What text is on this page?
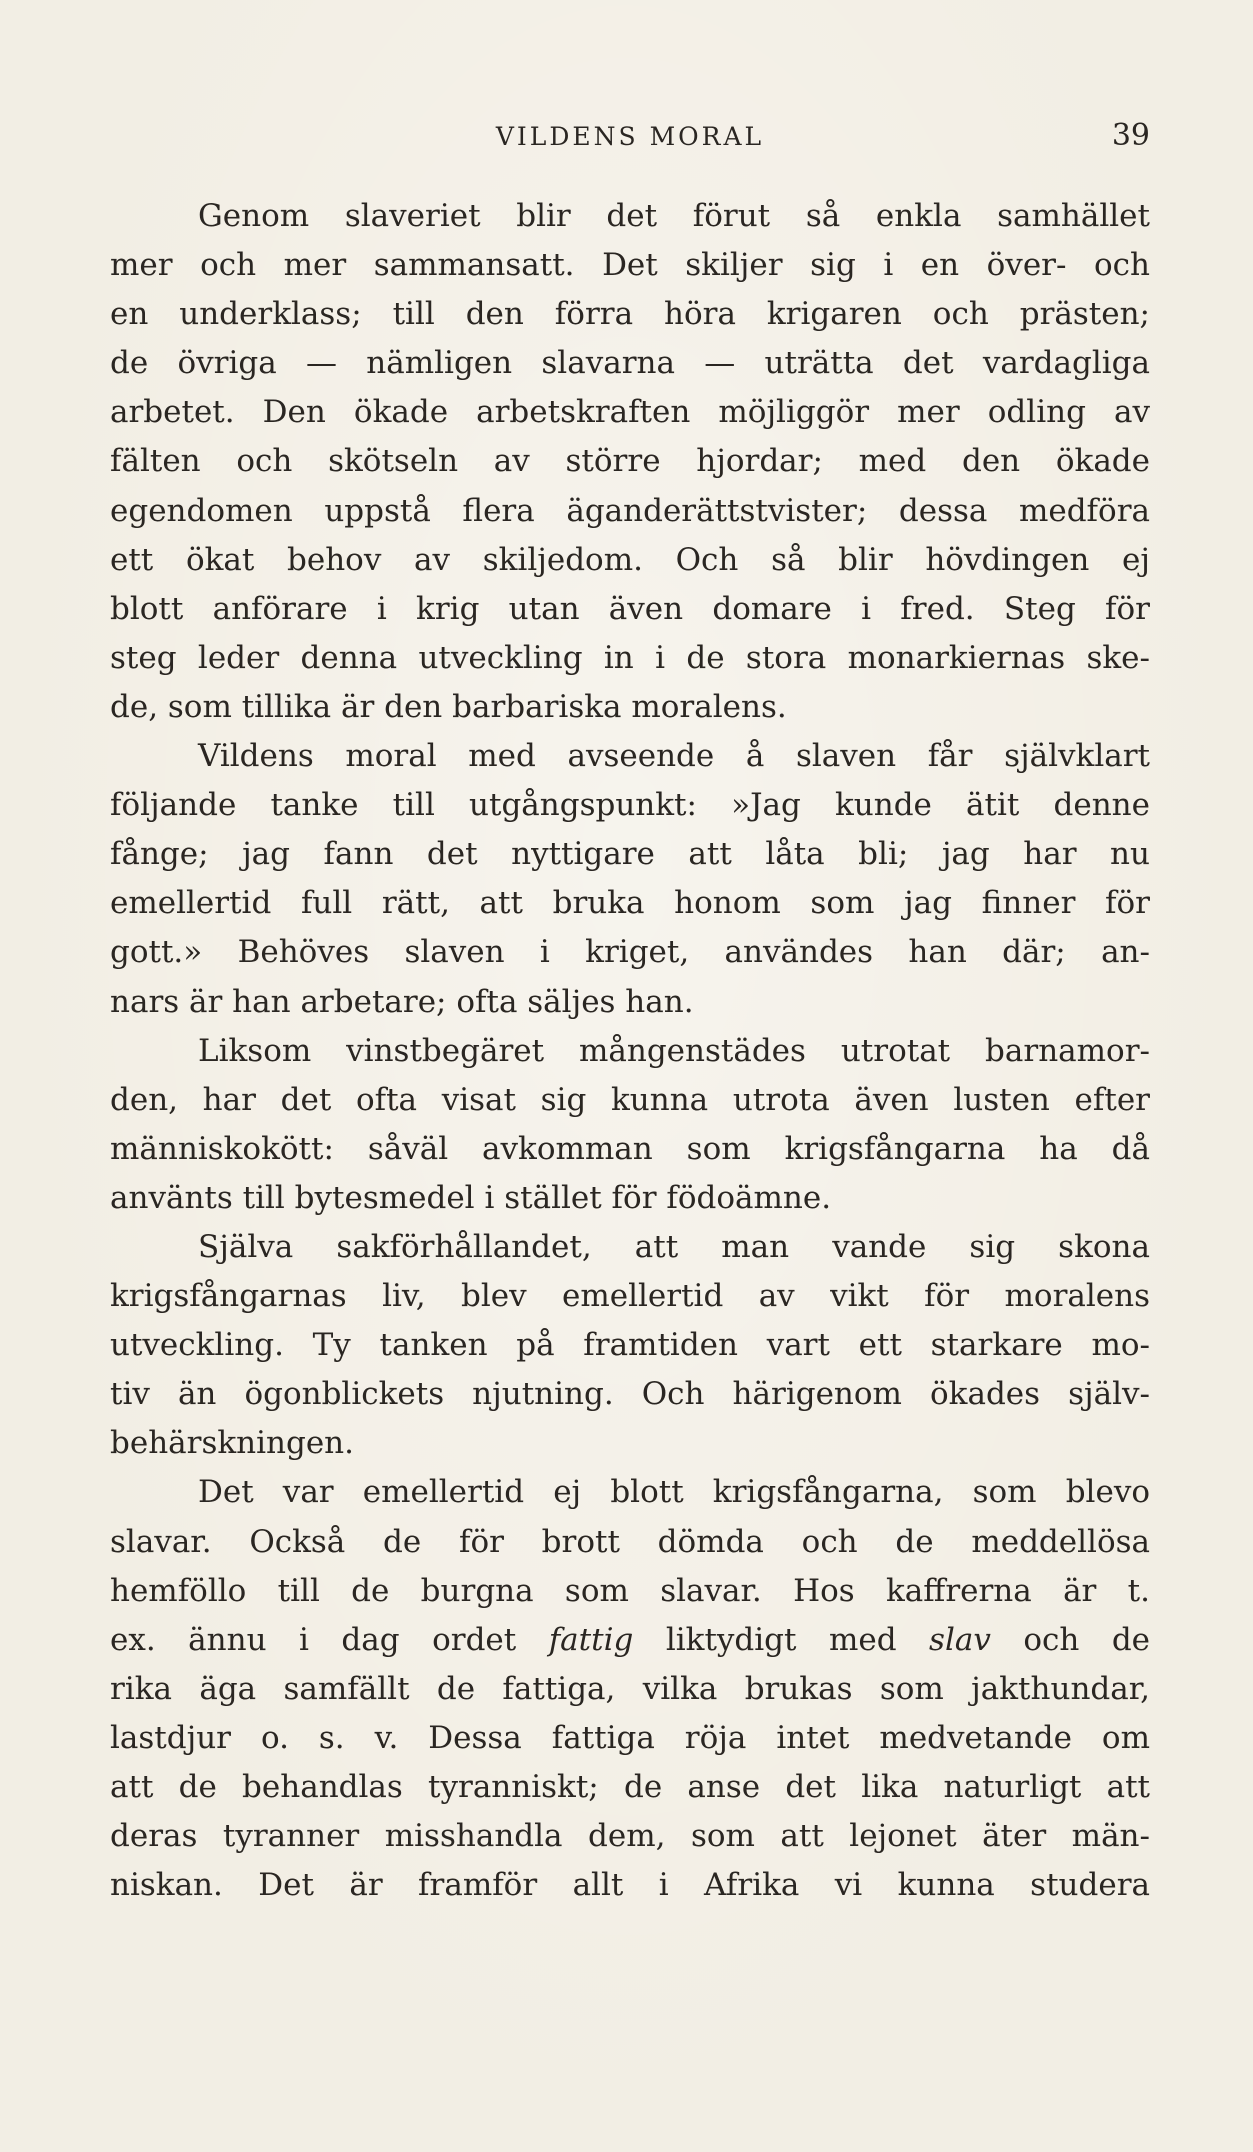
VILDENS MORAL	39
Genom slaveriet blir det förut så enkla samhället
mer och mer sammansatt. Det skiljer sig i en över- och
en underklass; till den förra höra krigaren och prästen;
de övriga — nämligen slavarna — uträtta det vardagliga
arbetet. Den ökade arbetskraften möjliggör mer odling av
fälten och skötseln av större hjordar; med den ökade
egendomen uppstå flera äganderättstvister; dessa medföra
ett ökat behov av skiljedom. Och så blir hövdingen ej
blott anförare i krig utan även domare i fred. Steg för
steg leder denna utveckling in i de stora monarkiernas ske-
de, som tillika är den barbariska moralens.
Vildens moral med avseende å slaven får självklart
följande tanke till utgångspunkt: »Jag kunde ätit denne
fånge; jag fann det nyttigare att låta bli; jag har nu
emellertid full rätt, att bruka honom som jag finner för
gott.» Behöves slaven i kriget, användes han där; an-
nars är han arbetare; ofta säljes han.
Liksom vinstbegäret mångenstädes utrotat barnamor-
den, har det ofta visat sig kunna utrota även lusten efter
människokött: såväl avkomman som krigsfångarna ha då
använts till bytesmedel i stället för födoämne.
Själva sakförhållandet, att man vande sig skona
krigsfångarnas liv, blev emellertid av vikt för moralens
utveckling. Ty tanken på framtiden vart ett starkare mo-
tiv än ögonblickets njutning. Och härigenom ökades själv-
behärskningen.
Det var emellertid ej blott krigsfångarna, som blevo
slavar. Också de för brott dömda och de meddellösa
hemföllo till de burgna som slavar. Hos kaffrerna är t.
ex. ännu i dag ordet fattig liktydigt med slav och de
rika äga samfällt de fattiga, vilka brukas som jakthundar,
lastdjur o. s. v. Dessa fattiga röja intet medvetande om
att de behandlas tyranniskt; de anse det lika naturligt att
deras tyranner misshandla dem, som att lejonet äter män-
niskan. Det är framför allt i Afrika vi kunna studera
